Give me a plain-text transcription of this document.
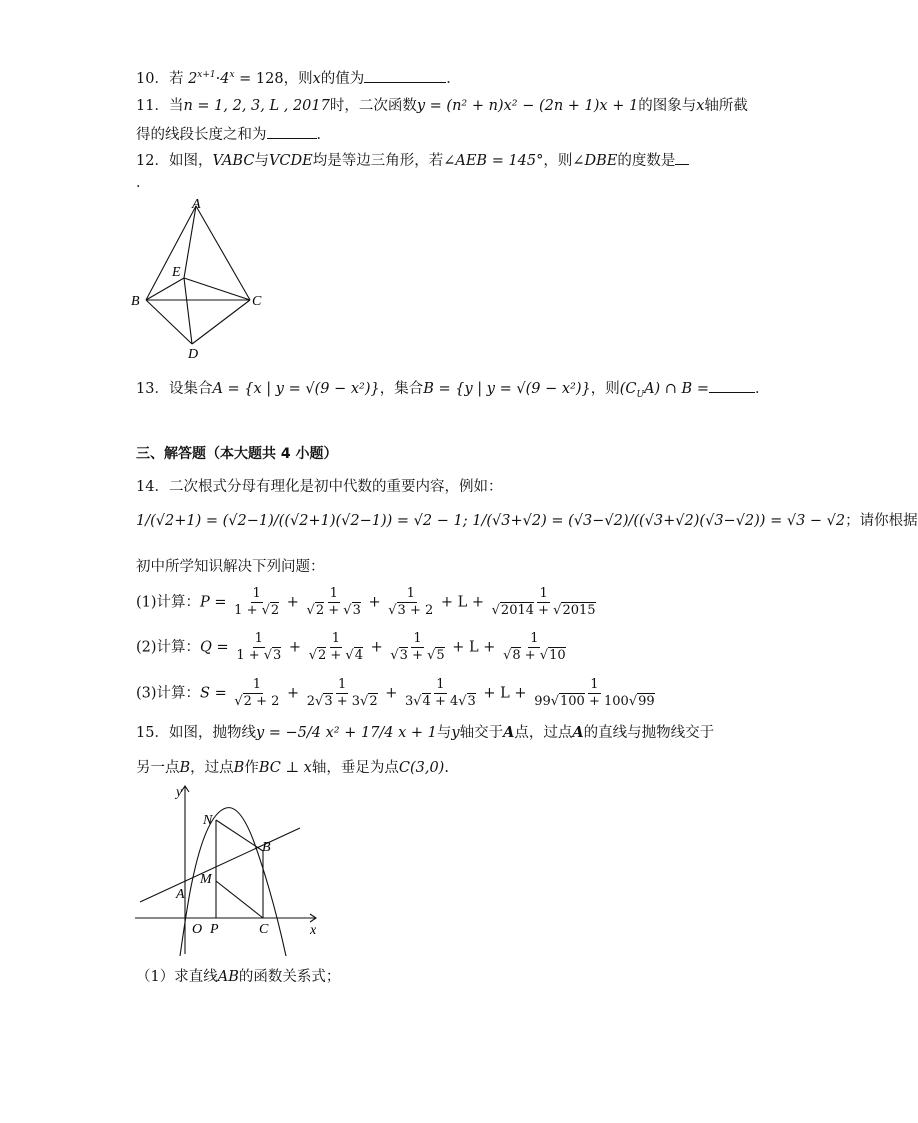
10．若 $2^{x+1}\cdot 4^x = 128$，则x的值为	．
11．当n = 1, 2, 3, L , 2017时，二次函数y = (n² + n)x² − (2n + 1)x + 1的图象与x轴所截
得的线段长度之和为	．
12．如图，VABC与VCDE均是等边三角形，若∠AEB = 145°，则∠DBE的度数是
．
A
E
B	C
D
13．设集合A = {x | y = √(9 − x²)}，集合B = {y | y = √(9 − x²)}，则$(C_UA)$ ∩ B =	．
三、解答题（本大题共 4 小题）
14．二次根式分母有理化是初中代数的重要内容，例如：
1/(√2+1) = (√2−1)/((√2+1)(√2−1)) = √2 − 1; 1/(√3+√2) = (√3−√2)/((√3+√2)(√3−√2)) = √3 − √2；请你根据
初中所学知识解决下列问题：
(1)计算：$P = \frac{1}{1 + √2} + \frac{1}{√2 + √3} + \frac{1}{√3 + 2} + L + \frac{1}{√2014 + √2015}$
(2)计算：$Q = \frac{1}{1 + √3} + \frac{1}{√2 + √4} + \frac{1}{√3 + √5} + L + \frac{1}{√8 + √10}$
(3)计算：$S = \frac{1}{√2 + 2} + \frac{1}{2√3 + 3√2} + \frac{1}{3√4 + 4√3} + L + \frac{1}{99√100 + 100√99}$
15．如图，抛物线y = −5/4 x² + 17/4 x + 1与y轴交于A点，过点A的直线与抛物线交于
另一点B，过点B作BC ⊥ x轴，垂足为点C(3,0).
y
x
N
B
M
A
O P	C
（1）求直线AB的函数关系式；
